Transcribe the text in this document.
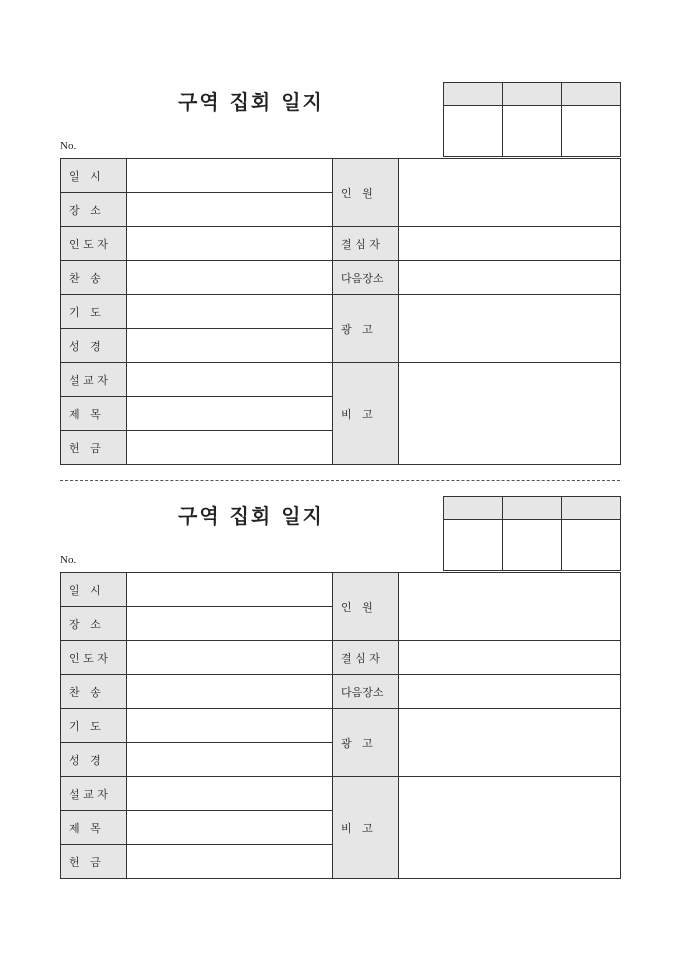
구역 집회 일지
No.

일   시		인   원	
장   소			
인 도 자		결 심 자	
찬   송		다음장소	
기   도		광   고	
성   경			
설 교 자		비   고	
제   목			
헌   금			
구역 집회 일지
No.

일   시		인   원	
장   소			
인 도 자		결 심 자	
찬   송		다음장소	
기   도		광   고	
성   경			
설 교 자		비   고	
제   목			
헌   금			
